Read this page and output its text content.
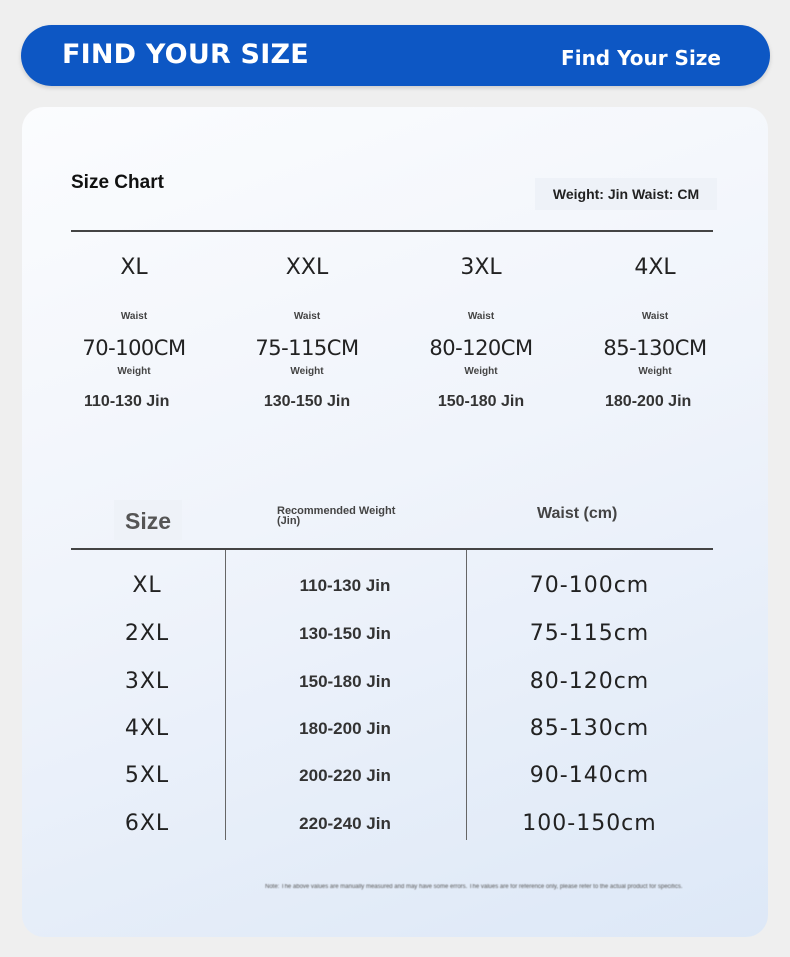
FIND YOUR SIZE	Find Your Size
Size Chart
Weight: Jin Waist: CM
XL
Waist
70-100CM
Weight
110-130 Jin
XXL
Waist
75-115CM
Weight
130-150 Jin
3XL
Waist
80-120CM
Weight
150-180 Jin
4XL
Waist
85-130CM
Weight
180-200 Jin
Size	Recommended Weight (Jin)	Waist (cm)
XL	110-130 Jin	70-100cm
2XL	130-150 Jin	75-115cm
3XL	150-180 Jin	80-120cm
4XL	180-200 Jin	85-130cm
5XL	200-220 Jin	90-140cm
6XL	220-240 Jin	100-150cm
Note: The above values are manually measured and may have some errors. The values are for reference only, please refer to the actual product for specifics.
